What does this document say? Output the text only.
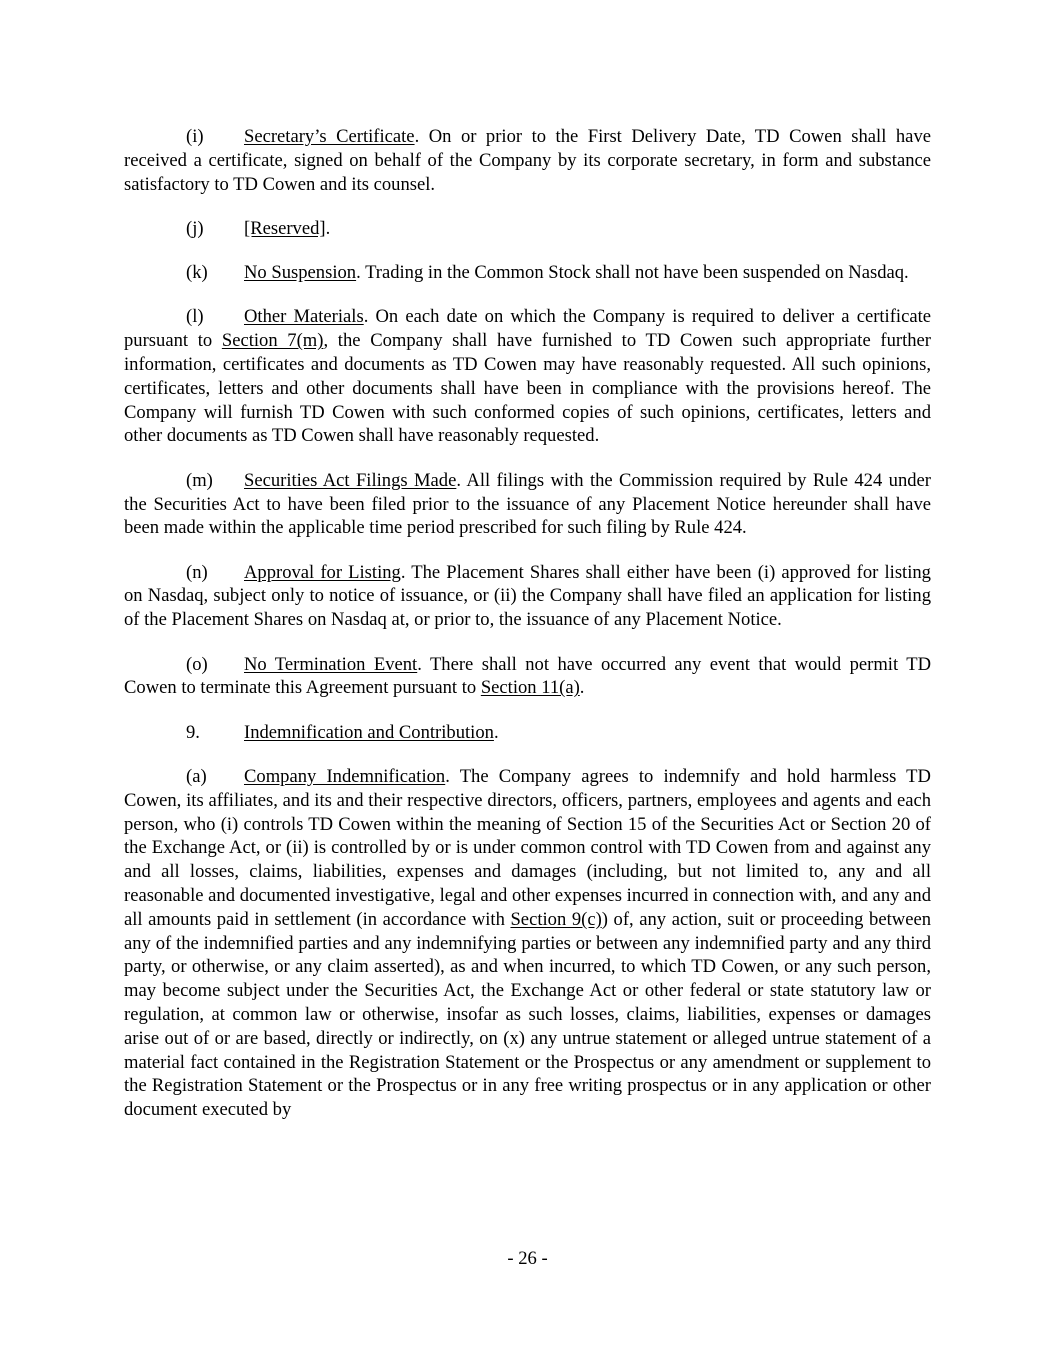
(i) Secretary’s Certificate. On or prior to the First Delivery Date, TD Cowen shall have received a certificate, signed on behalf of the Company by its corporate secretary, in form and substance satisfactory to TD Cowen and its counsel.

(j) [Reserved].

(k) No Suspension. Trading in the Common Stock shall not have been suspended on Nasdaq.

(l) Other Materials. On each date on which the Company is required to deliver a certificate pursuant to Section 7(m), the Company shall have furnished to TD Cowen such appropriate further information, certificates and documents as TD Cowen may have reasonably requested. All such opinions, certificates, letters and other documents shall have been in compliance with the provisions hereof. The Company will furnish TD Cowen with such conformed copies of such opinions, certificates, letters and other documents as TD Cowen shall have reasonably requested.

(m) Securities Act Filings Made. All filings with the Commission required by Rule 424 under the Securities Act to have been filed prior to the issuance of any Placement Notice hereunder shall have been made within the applicable time period prescribed for such filing by Rule 424.

(n) Approval for Listing. The Placement Shares shall either have been (i) approved for listing on Nasdaq, subject only to notice of issuance, or (ii) the Company shall have filed an application for listing of the Placement Shares on Nasdaq at, or prior to, the issuance of any Placement Notice.

(o) No Termination Event. There shall not have occurred any event that would permit TD Cowen to terminate this Agreement pursuant to Section 11(a).

9. Indemnification and Contribution.

(a) Company Indemnification. The Company agrees to indemnify and hold harmless TD Cowen, its affiliates, and its and their respective directors, officers, partners, employees and agents and each person, who (i) controls TD Cowen within the meaning of Section 15 of the Securities Act or Section 20 of the Exchange Act, or (ii) is controlled by or is under common control with TD Cowen from and against any and all losses, claims, liabilities, expenses and damages (including, but not limited to, any and all reasonable and documented investigative, legal and other expenses incurred in connection with, and any and all amounts paid in settlement (in accordance with Section 9(c)) of, any action, suit or proceeding between any of the indemnified parties and any indemnifying parties or between any indemnified party and any third party, or otherwise, or any claim asserted), as and when incurred, to which TD Cowen, or any such person, may become subject under the Securities Act, the Exchange Act or other federal or state statutory law or regulation, at common law or otherwise, insofar as such losses, claims, liabilities, expenses or damages arise out of or are based, directly or indirectly, on (x) any untrue statement or alleged untrue statement of a material fact contained in the Registration Statement or the Prospectus or any amendment or supplement to the Registration Statement or the Prospectus or in any free writing prospectus or in any application or other document executed by

- 26 -
